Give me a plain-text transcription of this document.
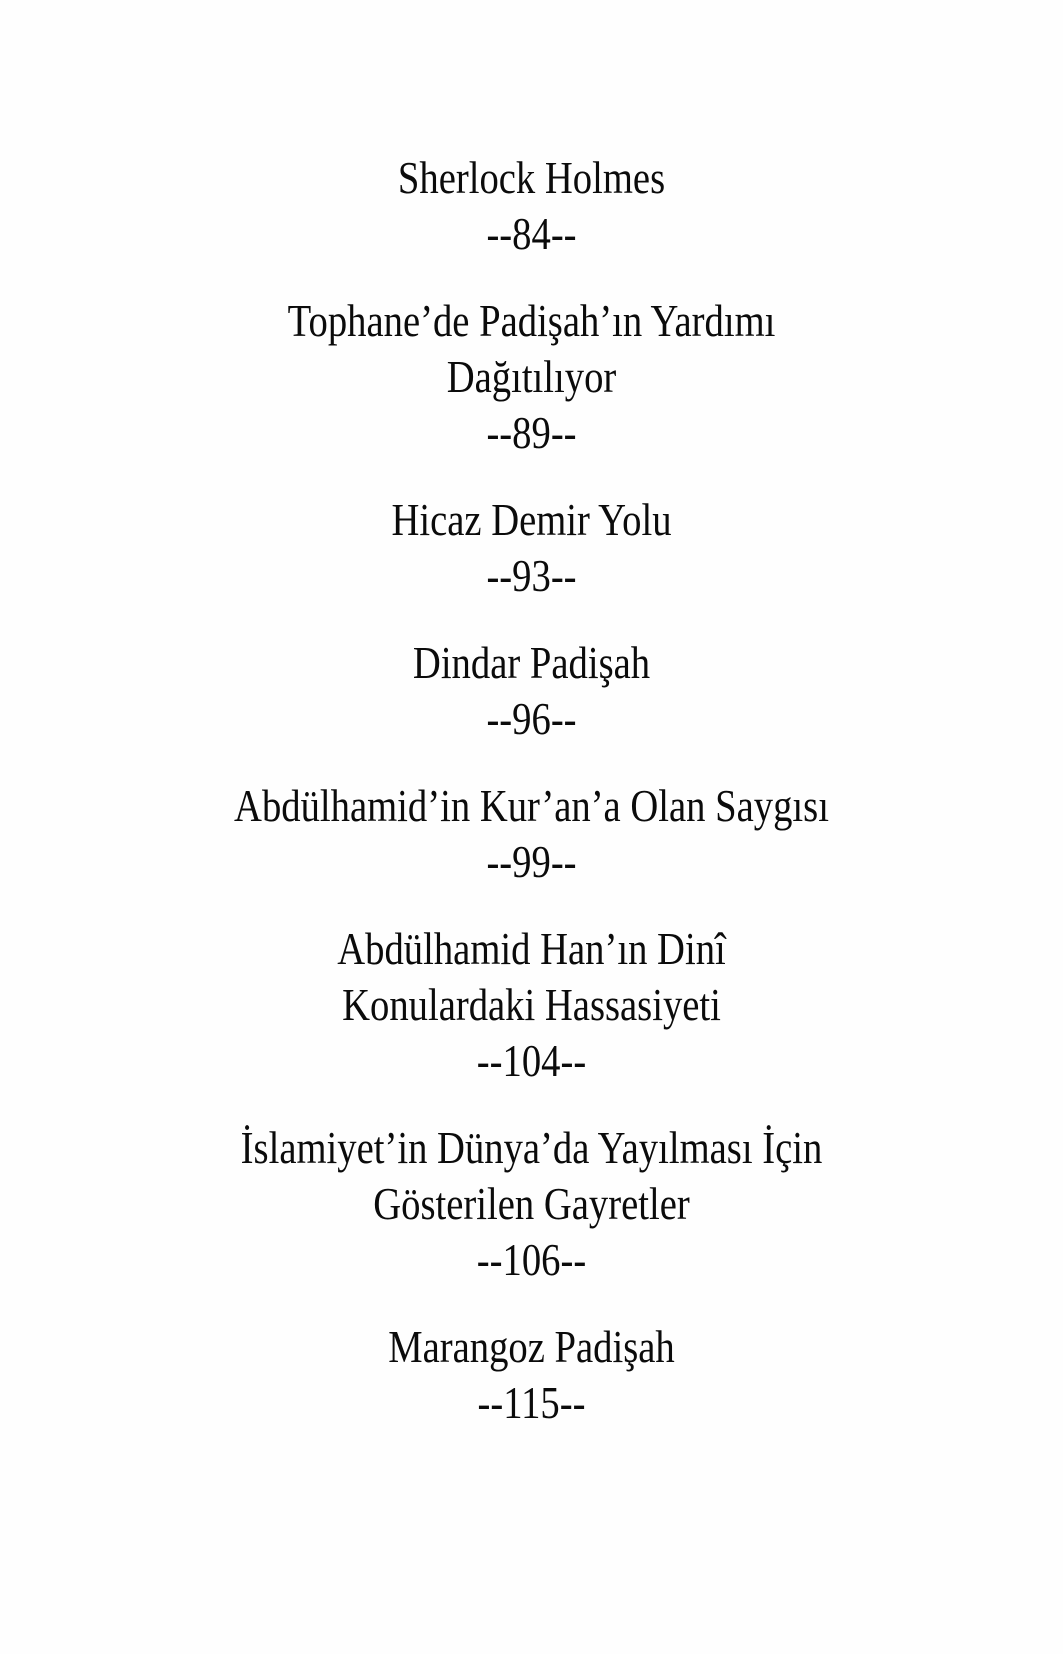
Sherlock Holmes
--84--
Tophane’de Padişah’ın Yardımı
Dağıtılıyor
--89--
Hicaz Demir Yolu
--93--
Dindar Padişah
--96--
Abdülhamid’in Kur’an’a Olan Saygısı
--99--
Abdülhamid Han’ın Dinî
Konulardaki Hassasiyeti
--104--
İslamiyet’in Dünya’da Yayılması İçin
Gösterilen Gayretler
--106--
Marangoz Padişah
--115--
